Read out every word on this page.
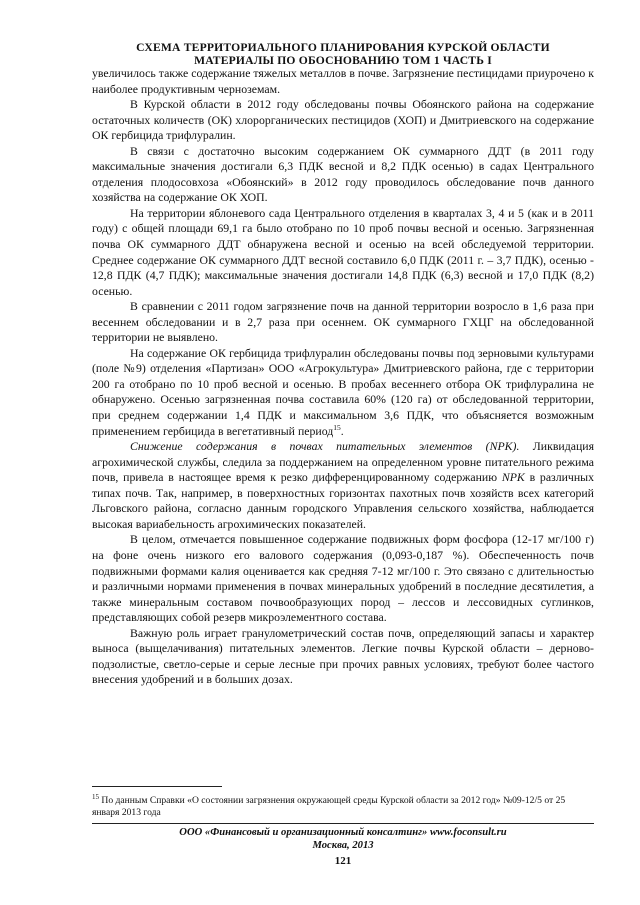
СХЕМА ТЕРРИТОРИАЛЬНОГО ПЛАНИРОВАНИЯ КУРСКОЙ ОБЛАСТИ
МАТЕРИАЛЫ ПО ОБОСНОВАНИЮ ТОМ 1 ЧАСТЬ I

увеличилось также содержание тяжелых металлов в почве. Загрязнение пестицидами приурочено к наиболее продуктивным черноземам.

В Курской области в 2012 году обследованы почвы Обоянского района на содержание остаточных количеств (ОК) хлорорганических пестицидов (ХОП) и Дмитриевского на содержание ОК гербицида трифлуралин.

В связи с достаточно высоким содержанием ОК суммарного ДДТ (в 2011 году максимальные значения достигали 6,3 ПДК весной и 8,2 ПДК осенью) в садах Центрального отделения плодосовхоза «Обоянский» в 2012 году проводилось обследование почв данного хозяйства на содержание ОК ХОП.

На территории яблоневого сада Центрального отделения в кварталах 3, 4 и 5 (как и в 2011 году) с общей площади 69,1 га было отобрано по 10 проб почвы весной и осенью. Загрязненная почва ОК суммарного ДДТ обнаружена весной и осенью на всей обследуемой территории. Среднее содержание ОК суммарного ДДТ весной составило 6,0 ПДК (2011 г. – 3,7 ПДК), осенью - 12,8 ПДК (4,7 ПДК); максимальные значения достигали 14,8 ПДК (6,3) весной и 17,0 ПДК (8,2) осенью.

В сравнении с 2011 годом загрязнение почв на данной территории возросло в 1,6 раза при весеннем обследовании и в 2,7 раза при осеннем. ОК суммарного ГХЦГ на обследованной территории не выявлено.

На содержание ОК гербицида трифлуралин обследованы почвы под зерновыми культурами (поле №9) отделения «Партизан» ООО «Агрокультура» Дмитриевского района, где с территории 200 га отобрано по 10 проб весной и осенью. В пробах весеннего отбора ОК трифлуралина не обнаружено. Осенью загрязненная почва составила 60% (120 га) от обследованной территории, при среднем содержании 1,4 ПДК и максимальном 3,6 ПДК, что объясняется возможным применением гербицида в вегетативный период$^{15}$.

Снижение содержания в почвах питательных элементов (NPK). Ликвидация агрохимической службы, следила за поддержанием на определенном уровне питательного режима почв, привела в настоящее время к резко дифференцированному содержанию NPK в различных типах почв. Так, например, в поверхностных горизонтах пахотных почв хозяйств всех категорий Льговского района, согласно данным городского Управления сельского хозяйства, наблюдается высокая вариабельность агрохимических показателей.

В целом, отмечается повышенное содержание подвижных форм фосфора (12-17 мг/100 г) на фоне очень низкого его валового содержания (0,093-0,187 %). Обеспеченность почв подвижными формами калия оценивается как средняя 7-12 мг/100 г. Это связано с длительностью и различными нормами применения в почвах минеральных удобрений в последние десятилетия, а также минеральным составом почвообразующих пород – лессов и лессовидных суглинков, представляющих собой резерв микроэлементного состава.

Важную роль играет гранулометрический состав почв, определяющий запасы и характер выноса (выщелачивания) питательных элементов. Легкие почвы Курской области – дерново-подзолистые, светло-серые и серые лесные при прочих равных условиях, требуют более частого внесения удобрений и в больших дозах.

$^{15}$ По данным Справки «О состоянии загрязнения окружающей среды Курской области за 2012 год» №09-12/5 от 25 января 2013 года
ООО «Финансовый и организационный консалтинг» www.foconsult.ru
Москва, 2013
121
